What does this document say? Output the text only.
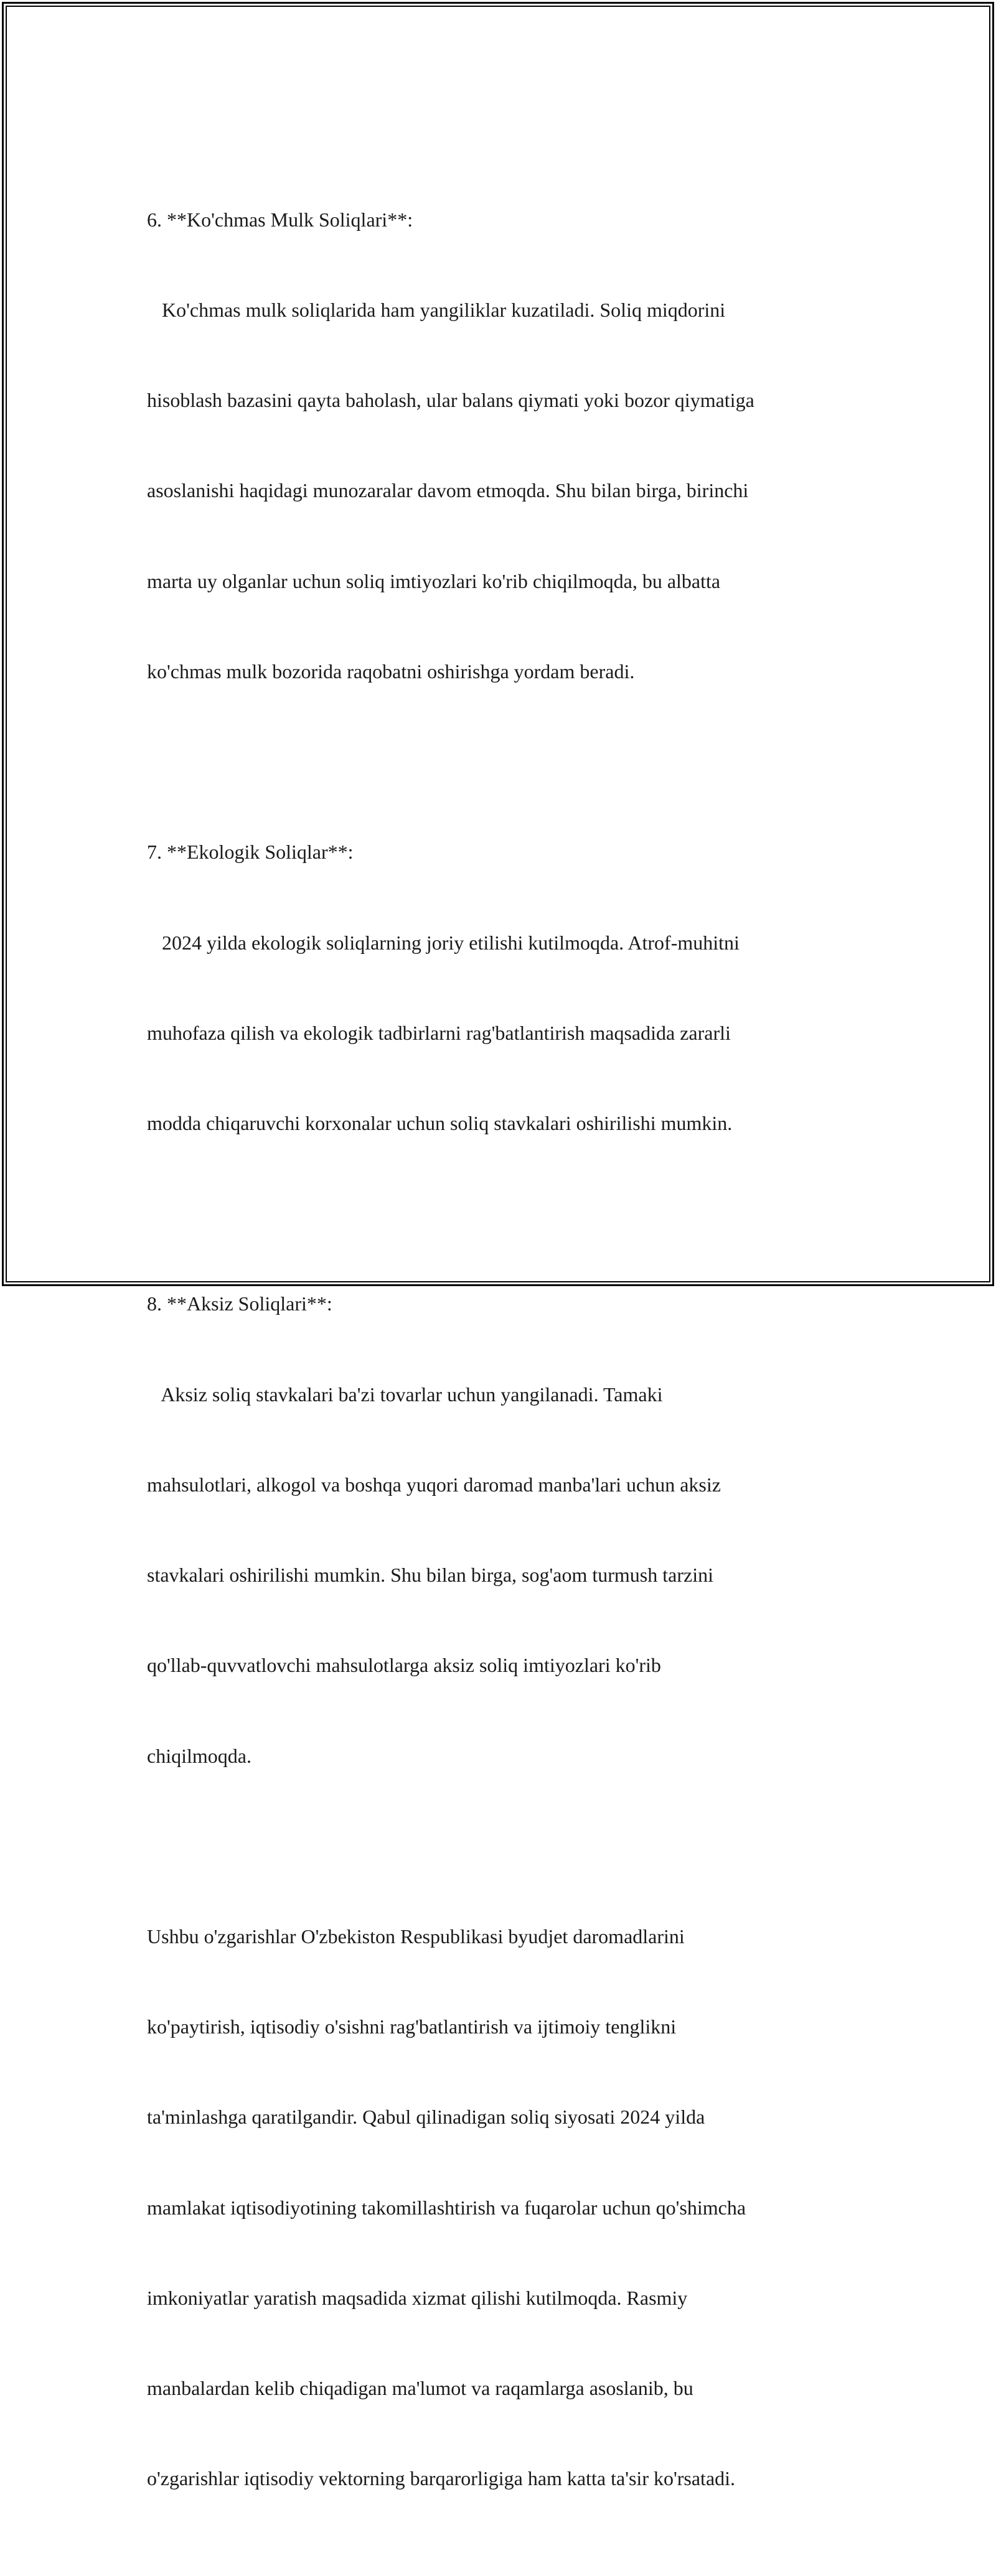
6. **Ko'chmas Mulk Soliqlari**:

Ko'chmas mulk soliqlarida ham yangiliklar kuzatiladi. Soliq miqdorini

hisoblash bazasini qayta baholash, ular balans qiymati yoki bozor qiymatiga

asoslanishi haqidagi munozaralar davom etmoqda. Shu bilan birga, birinchi

marta uy olganlar uchun soliq imtiyozlari ko'rib chiqilmoqda, bu albatta

ko'chmas mulk bozorida raqobatni oshirishga yordam beradi.

7. **Ekologik Soliqlar**:

2024 yilda ekologik soliqlarning joriy etilishi kutilmoqda. Atrof-muhitni

muhofaza qilish va ekologik tadbirlarni rag'batlantirish maqsadida zararli

modda chiqaruvchi korxonalar uchun soliq stavkalari oshirilishi mumkin.

8. **Aksiz Soliqlari**:

Aksiz soliq stavkalari ba'zi tovarlar uchun yangilanadi. Tamaki

mahsulotlari, alkogol va boshqa yuqori daromad manba'lari uchun aksiz

stavkalari oshirilishi mumkin. Shu bilan birga, sog'aom turmush tarzini

qo'llab-quvvatlovchi mahsulotlarga aksiz soliq imtiyozlari ko'rib

chiqilmoqda.

Ushbu o'zgarishlar O'zbekiston Respublikasi byudjet daromadlarini

ko'paytirish, iqtisodiy o'sishni rag'batlantirish va ijtimoiy tenglikni

ta'minlashga qaratilgandir. Qabul qilinadigan soliq siyosati 2024 yilda

mamlakat iqtisodiyotining takomillashtirish va fuqarolar uchun qo'shimcha

imkoniyatlar yaratish maqsadida xizmat qilishi kutilmoqda. Rasmiy

manbalardan kelib chiqadigan ma'lumot va raqamlarga asoslanib, bu

o'zgarishlar iqtisodiy vektorning barqarorligiga ham katta ta'sir ko'rsatadi.
